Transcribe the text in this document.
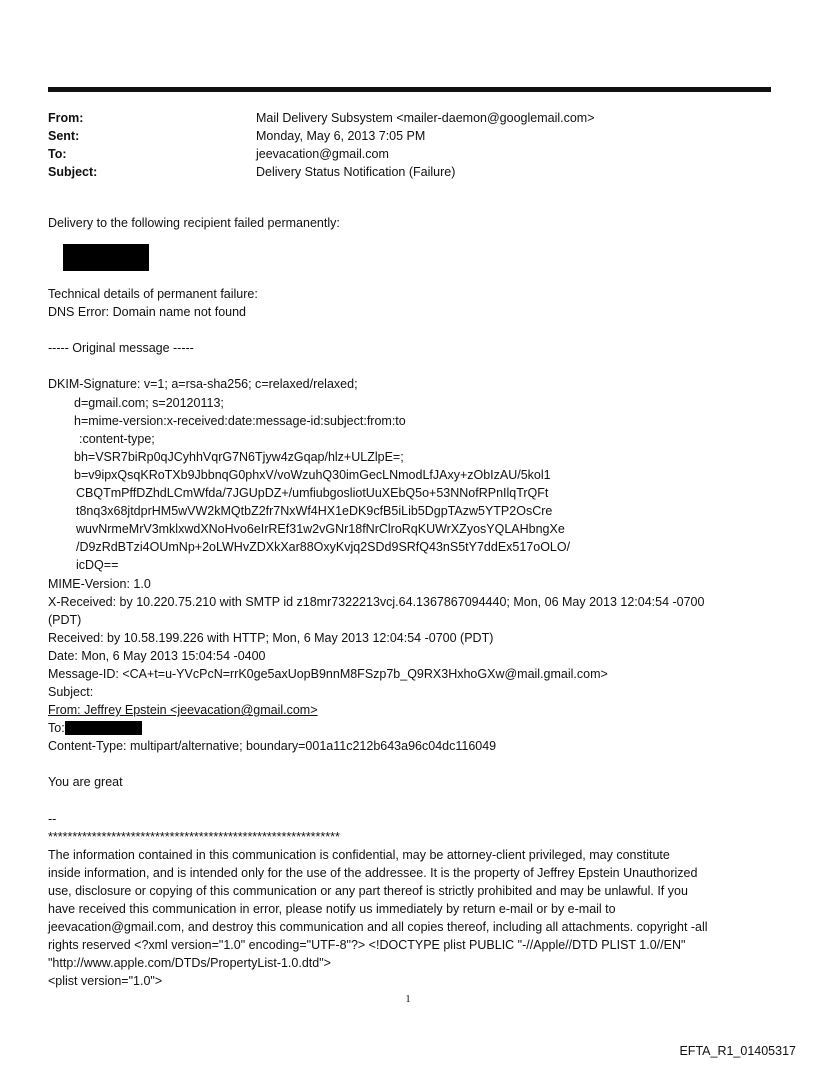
From:	Mail Delivery Subsystem <mailer-daemon@googlemail.com>
Sent:	Monday, May 6, 2013 7:05 PM
To:	jeevacation@gmail.com
Subject:	Delivery Status Notification (Failure)

Delivery to the following recipient failed permanently:

Technical details of permanent failure:

DNS Error: Domain name not found

----- Original message -----

DKIM-Signature: v=1; a=rsa-sha256; c=relaxed/relaxed;

d=gmail.com; s=20120113;

h=mime-version:x-received:date:message-id:subject:from:to

:content-type;

bh=VSR7biRp0qJCyhhVqrG7N6Tjyw4zGqap/hlz+ULZlpE=;

b=v9ipxQsqKRoTXb9JbbnqG0phxV/voWzuhQ30imGecLNmodLfJAxy+zObIzAU/5kol1

CBQTmPffDZhdLCmWfda/7JGUpDZ+/umfiubgosliotUuXEbQ5o+53NNofRPnIlqTrQFt

t8nq3x68jtdprHM5wVW2kMQtbZ2fr7NxWf4HX1eDK9cfB5iLib5DgpTAzw5YTP2OsCre

wuvNrmeMrV3mklxwdXNoHvo6eIrREf31w2vGNr18fNrClroRqKUWrXZyosYQLAHbngXe

/D9zRdBTzi4OUmNp+2oLWHvZDXkXar88OxyKvjq2SDd9SRfQ43nS5tY7ddEx517oOLO/

icDQ==

MIME-Version: 1.0

X-Received: by 10.220.75.210 with SMTP id z18mr7322213vcj.64.1367867094440; Mon, 06 May 2013 12:04:54 -0700

(PDT)

Received: by 10.58.199.226 with HTTP; Mon, 6 May 2013 12:04:54 -0700 (PDT)

Date: Mon, 6 May 2013 15:04:54 -0400

Message-ID: <CA+t=u-YVcPcN=rrK0ge5axUopB9nnM8FSzp7b_Q9RX3HxhoGXw@mail.gmail.com>

Subject:

From: Jeffrey Epstein <jeevacation@gmail.com>

To:

Content-Type: multipart/alternative; boundary=001a11c212b643a96c04dc116049

You are great

--

************************************************************

The information contained in this communication is confidential, may be attorney-client privileged, may constitute

inside information, and is intended only for the use of the addressee. It is the property of Jeffrey Epstein Unauthorized

use, disclosure or copying of this communication or any part thereof is strictly prohibited and may be unlawful. If you

have received this communication in error, please notify us immediately by return e-mail or by e-mail to

jeevacation@gmail.com, and destroy this communication and all copies thereof, including all attachments. copyright -all

rights reserved <?xml version="1.0" encoding="UTF-8"?> <!DOCTYPE plist PUBLIC "-//Apple//DTD PLIST 1.0//EN"

"http://www.apple.com/DTDs/PropertyList-1.0.dtd">

<plist version="1.0">

1
EFTA_R1_01405317
